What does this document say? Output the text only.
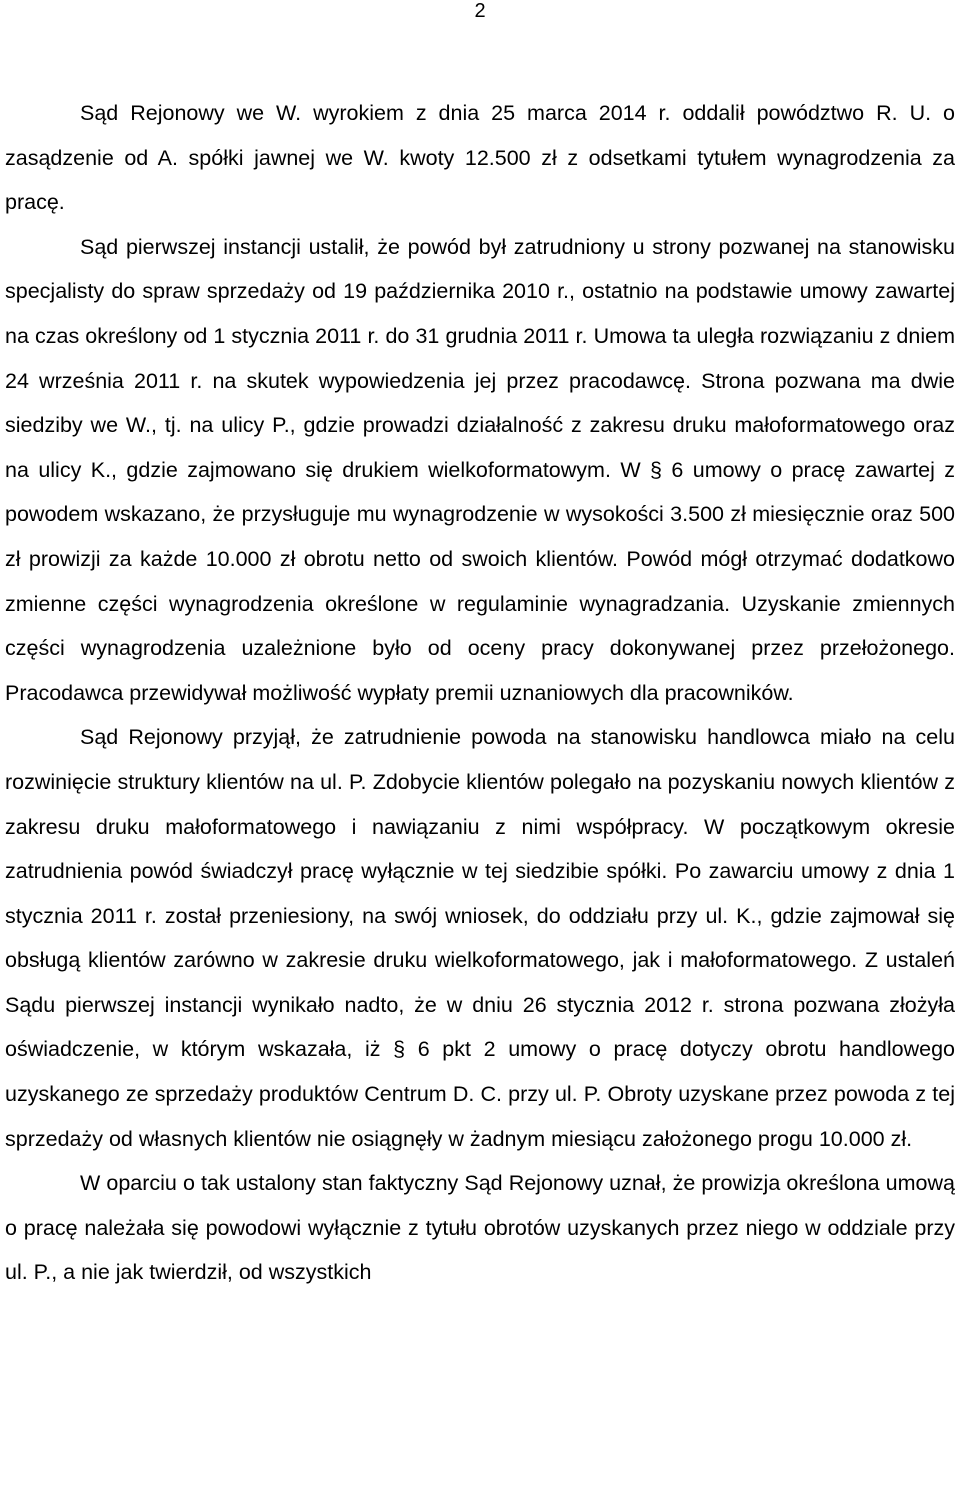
2

Sąd Rejonowy we W. wyrokiem z dnia 25 marca 2014 r. oddalił powództwo R. U. o zasądzenie od A. spółki jawnej we W. kwoty 12.500 zł z odsetkami tytułem wynagrodzenia za pracę.

Sąd pierwszej instancji ustalił, że powód był zatrudniony u strony pozwanej na stanowisku specjalisty do spraw sprzedaży od 19 października 2010 r., ostatnio na podstawie umowy zawartej na czas określony od 1 stycznia 2011 r. do 31 grudnia 2011 r. Umowa ta uległa rozwiązaniu z dniem 24 września 2011 r. na skutek wypowiedzenia jej przez pracodawcę. Strona pozwana ma dwie siedziby we W., tj. na ulicy P., gdzie prowadzi działalność z zakresu druku małoformatowego oraz na ulicy K., gdzie zajmowano się drukiem wielkoformatowym. W § 6 umowy o pracę zawartej z powodem wskazano, że przysługuje mu wynagrodzenie w wysokości 3.500 zł miesięcznie oraz 500 zł prowizji za każde 10.000 zł obrotu netto od swoich klientów. Powód mógł otrzymać dodatkowo zmienne części wynagrodzenia określone w regulaminie wynagradzania. Uzyskanie zmiennych części wynagrodzenia uzależnione było od oceny pracy dokonywanej przez przełożonego. Pracodawca przewidywał możliwość wypłaty premii uznaniowych dla pracowników.

Sąd Rejonowy przyjął, że zatrudnienie powoda na stanowisku handlowca miało na celu rozwinięcie struktury klientów na ul. P. Zdobycie klientów polegało na pozyskaniu nowych klientów z zakresu druku małoformatowego i nawiązaniu z nimi współpracy. W początkowym okresie zatrudnienia powód świadczył pracę wyłącznie w tej siedzibie spółki. Po zawarciu umowy z dnia 1 stycznia 2011 r. został przeniesiony, na swój wniosek, do oddziału przy ul. K., gdzie zajmował się obsługą klientów zarówno w zakresie druku wielkoformatowego, jak i małoformatowego. Z ustaleń Sądu pierwszej instancji wynikało nadto, że w dniu 26 stycznia 2012 r. strona pozwana złożyła oświadczenie, w którym wskazała, iż § 6 pkt 2 umowy o pracę dotyczy obrotu handlowego uzyskanego ze sprzedaży produktów Centrum D. C. przy ul. P. Obroty uzyskane przez powoda z tej sprzedaży od własnych klientów nie osiągnęły w żadnym miesiącu założonego progu 10.000 zł.

W oparciu o tak ustalony stan faktyczny Sąd Rejonowy uznał, że prowizja określona umową o pracę należała się powodowi wyłącznie z tytułu obrotów uzyskanych przez niego w oddziale przy ul. P., a nie jak twierdził, od wszystkich
